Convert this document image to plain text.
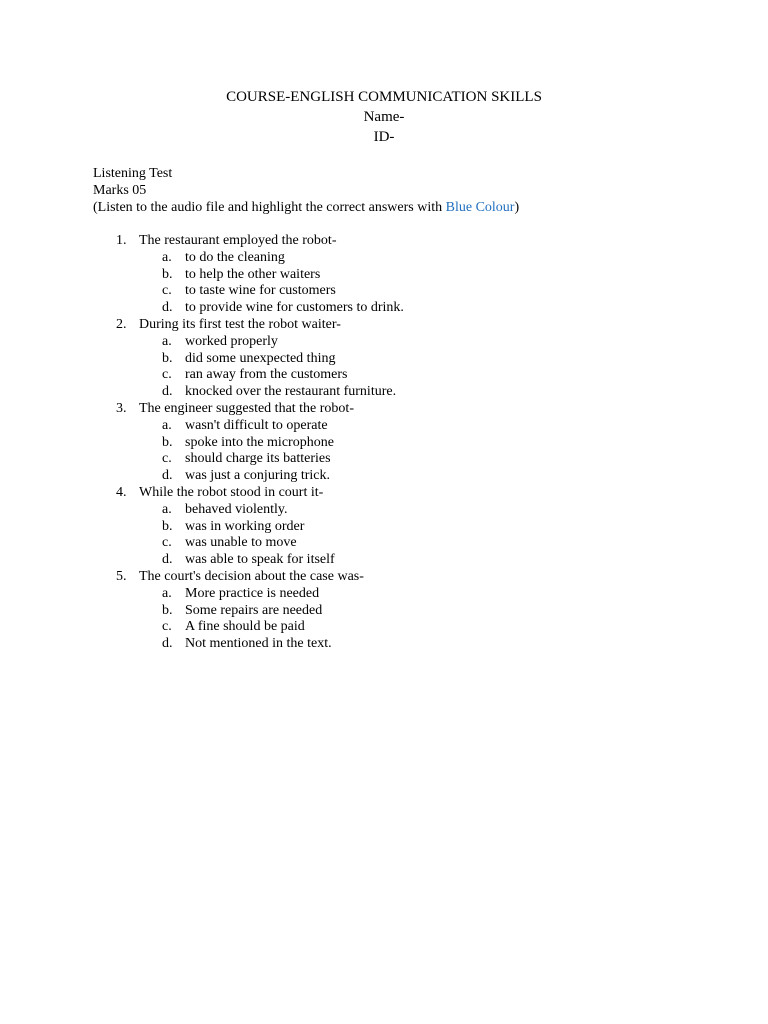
COURSE-ENGLISH COMMUNICATION SKILLS
Name-
ID-
Listening Test
Marks 05
(Listen to the audio file and highlight the correct answers with Blue Colour)
1. The restaurant employed the robot-
a. to do the cleaning
b. to help the other waiters
c. to taste wine for customers
d. to provide wine for customers to drink.
2. During its first test the robot waiter-
a. worked properly
b. did some unexpected thing
c. ran away from the customers
d. knocked over the restaurant furniture.
3. The engineer suggested that the robot-
a. wasn't difficult to operate
b. spoke into the microphone
c. should charge its batteries
d. was just a conjuring trick.
4. While the robot stood in court it-
a. behaved violently.
b. was in working order
c. was unable to move
d. was able to speak for itself
5. The court's decision about the case was-
a. More practice is needed
b. Some repairs are needed
c. A fine should be paid
d. Not mentioned in the text.
